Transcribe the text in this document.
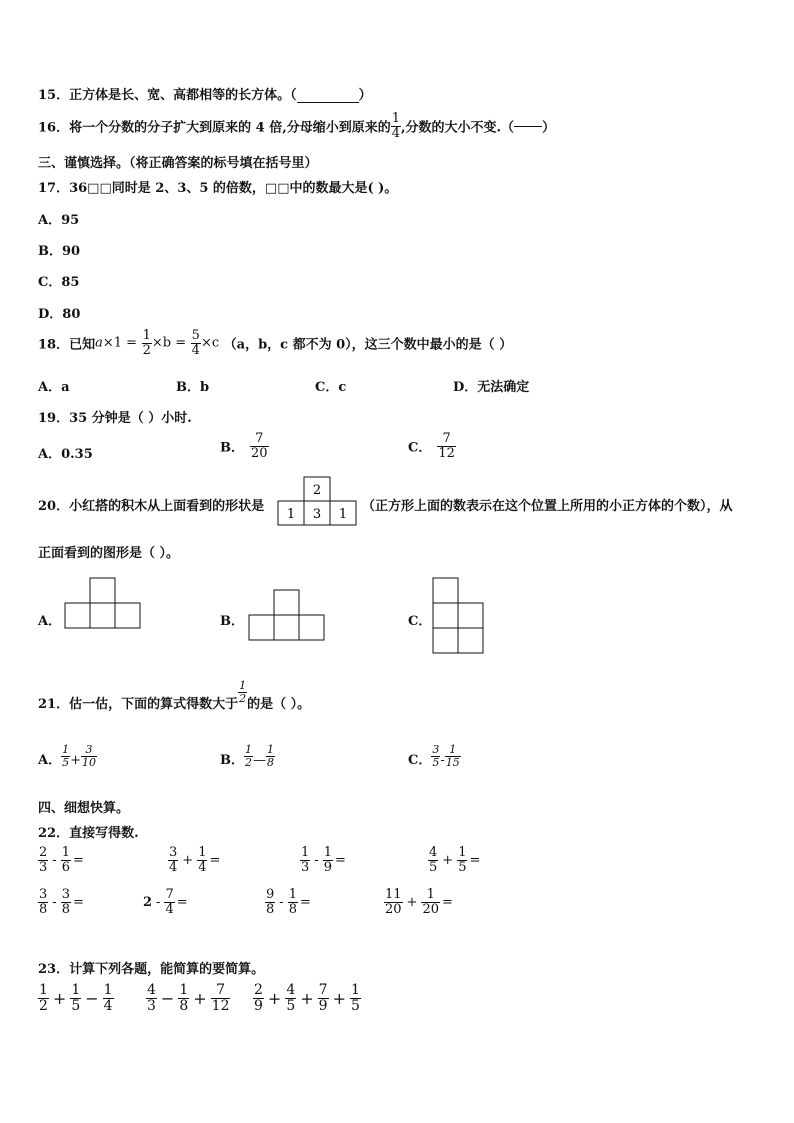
15．正方体是长、宽、高都相等的长方体。（	）
16．将一个分数的分子扩大到原来的 4 倍,分母缩小到原来的 $\frac{1}{4}$ ,分数的大小不变.（ ）
三、谨慎选择。（将正确答案的标号填在括号里）
17．36□□同时是 2、3、5 的倍数，□□中的数最大是( )。
A．95
B．90
C．85
D．80
18．已知$a\times 1 = \frac{1}{2} \times b = \frac{5}{4} \times c$ （a，b，c 都不为 0），这三个数中最小的是（ ）
A．a	B．b	C．c	D．无法确定
19．35 分钟是（ ）小时.
A．0.35	B． $\frac{7}{20}$	C． $\frac{7}{12}$
20．小红搭的积木从上面看到的形状是
2
1 3 1
（正方形上面的数表示在这个位置上所用的小正方体的个数），从
正面看到的图形是（ ）。
A．	B．	C．
21．估一估，下面的算式得数大于
$\frac{1}{2}$
的是（ ）。
A． $\frac{1}{5} + \frac{3}{10}$	B． $\frac{1}{2}$ — $\frac{1}{8}$	C． $\frac{3}{5} - \frac{1}{15}$
四、细想快算。
22．直接写得数.
$\frac{2}{3} - \frac{1}{6}$ =	$\frac{3}{4} + \frac{1}{4}$ =	$\frac{1}{3} - \frac{1}{9}$ =	$\frac{4}{5} + \frac{1}{5}$ =
$\frac{3}{8} - \frac{3}{8}$ =	$2 - \frac{7}{4}$ =	$\frac{9}{8} - \frac{1}{8}$ =	$\frac{11}{20} + \frac{1}{20}$ =
23．计算下列各题，能简算的要简算。
$\frac{1}{2} + \frac{1}{5} - \frac{1}{4} \frac{4}{3} - \frac{1}{8} + \frac{7}{12} \frac{2}{9} + \frac{4}{5} + \frac{7}{9} + \frac{1}{5}$
